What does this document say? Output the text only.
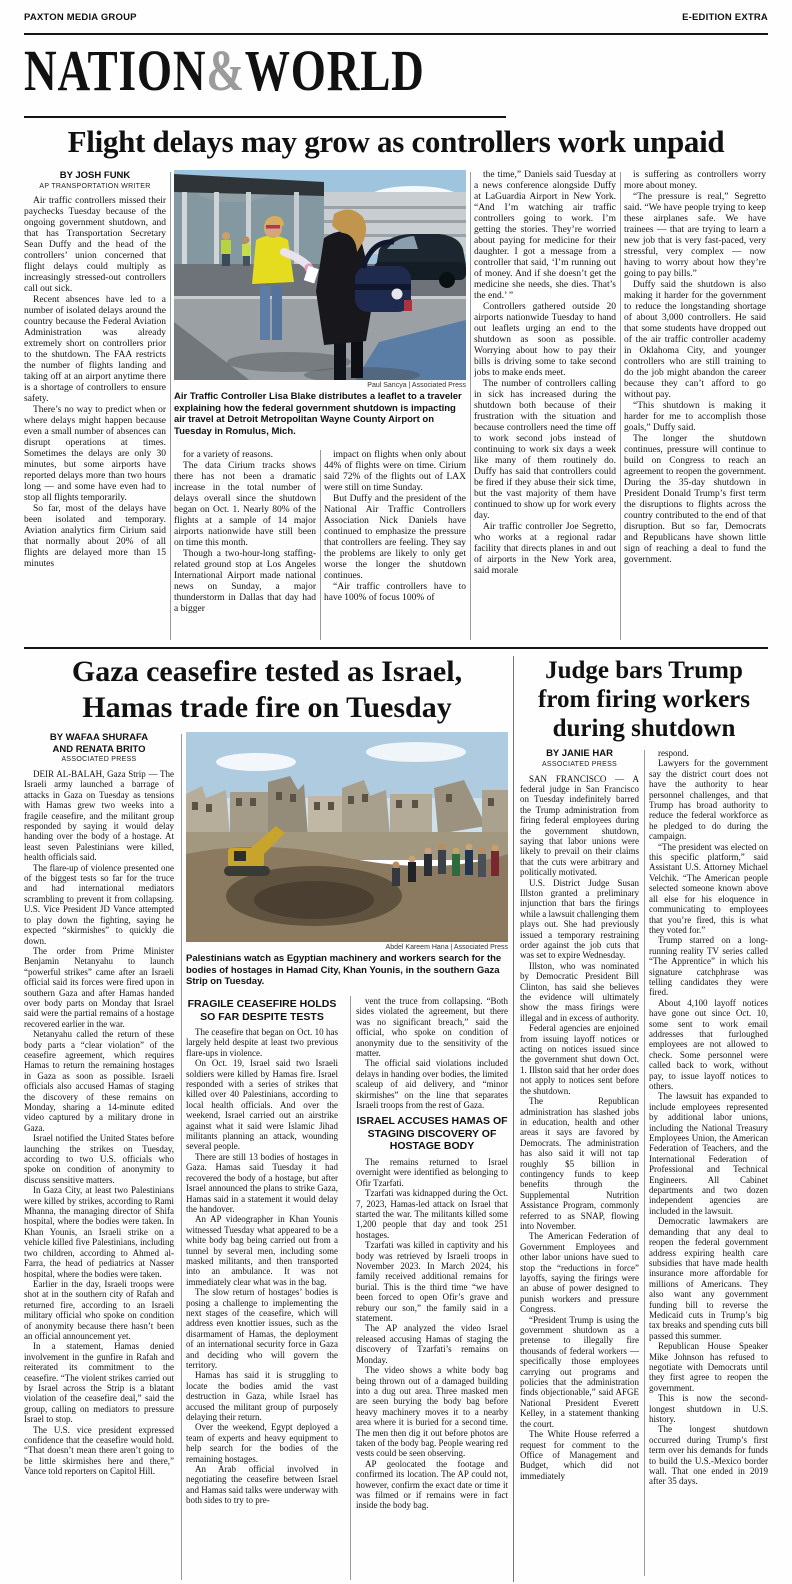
PAXTON MEDIA GROUP	E-EDITION EXTRA
NATION&WORLD
Flight delays may grow as controllers work unpaid
BY JOSH FUNK
AP TRANSPORTATION WRITER

Air traffic controllers missed their paychecks Tuesday because of the ongoing government shutdown, and that has Transportation Secretary Sean Duffy and the head of the controllers’ union concerned that flight delays could multiply as increasingly stressed-out controllers call out sick.

Recent absences have led to a number of isolated delays around the country because the Federal Aviation Administration was already extremely short on controllers prior to the shutdown. The FAA restricts the number of flights landing and taking off at an airport anytime there is a shortage of controllers to ensure safety.

There’s no way to predict when or where delays might happen because even a small number of absences can disrupt operations at times. Sometimes the delays are only 30 minutes, but some airports have reported delays more than two hours long — and some have even had to stop all flights temporarily.

So far, most of the delays have been isolated and temporary. Aviation analytics firm Cirium said that normally about 20% of all flights are delayed more than 15 minutes

Paul Sancya | Associated Press
Air Traffic Controller Lisa Blake distributes a leaflet to a traveler explaining how the federal government shutdown is impacting air travel at Detroit Metropolitan Wayne County Airport on Tuesday in Romulus, Mich.

for a variety of reasons.

The data Cirium tracks shows there has not been a dramatic increase in the total number of delays overall since the shutdown began on Oct. 1. Nearly 80% of the flights at a sample of 14 major airports nationwide have still been on time this month.

Though a two-hour-long staffing-related ground stop at Los Angeles International Airport made national news on Sunday, a major thunderstorm in Dallas that day had a bigger

impact on flights when only about 44% of flights were on time. Cirium said 72% of the flights out of LAX were still on time Sunday.

But Duffy and the president of the National Air Traffic Controllers Association Nick Daniels have continued to emphasize the pressure that controllers are feeling. They say the problems are likely to only get worse the longer the shutdown continues.

“Air traffic controllers have to have 100% of focus 100% of

the time,” Daniels said Tuesday at a news conference alongside Duffy at LaGuardia Airport in New York. “And I’m watching air traffic controllers going to work. I’m getting the stories. They’re worried about paying for medicine for their daughter. I got a message from a controller that said, ‘I’m running out of money. And if she doesn’t get the medicine she needs, she dies. That’s the end.’ ”

Controllers gathered outside 20 airports nationwide Tuesday to hand out leaflets urging an end to the shutdown as soon as possible. Worrying about how to pay their bills is driving some to take second jobs to make ends meet.

The number of controllers calling in sick has increased during the shutdown both because of their frustration with the situation and because controllers need the time off to work second jobs instead of continuing to work six days a week like many of them routinely do. Duffy has said that controllers could be fired if they abuse their sick time, but the vast majority of them have continued to show up for work every day.

Air traffic controller Joe Segretto, who works at a regional radar facility that directs planes in and out of airports in the New York area, said morale

is suffering as controllers worry more about money.

“The pressure is real,” Segretto said. “We have people trying to keep these airplanes safe. We have trainees — that are trying to learn a new job that is very fast-paced, very stressful, very complex — now having to worry about how they’re going to pay bills.”

Duffy said the shutdown is also making it harder for the government to reduce the longstanding shortage of about 3,000 controllers. He said that some students have dropped out of the air traffic controller academy in Oklahoma City, and younger controllers who are still training to do the job might abandon the career because they can’t afford to go without pay.

“This shutdown is making it harder for me to accomplish those goals,” Duffy said.

The longer the shutdown continues, pressure will continue to build on Congress to reach an agreement to reopen the government. During the 35-day shutdown in President Donald Trump’s first term the disruptions to flights across the country contributed to the end of that disruption. But so far, Democrats and Republicans have shown little sign of reaching a deal to fund the government.

Gaza ceasefire tested as Israel,
Hamas trade fire on Tuesday
BY WAFAA SHURAFA
AND RENATA BRITO
ASSOCIATED PRESS

DEIR AL-BALAH, Gaza Strip — The Israeli army launched a barrage of attacks in Gaza on Tuesday as tensions with Hamas grew two weeks into a fragile ceasefire, and the militant group responded by saying it would delay handing over the body of a hostage. At least seven Palestinians were killed, health officials said.

The flare-up of violence presented one of the biggest tests so far for the truce and had international mediators scrambling to prevent it from collapsing. U.S. Vice President JD Vance attempted to play down the fighting, saying he expected “skirmishes” to quickly die down.

The order from Prime Minister Benjamin Netanyahu to launch “powerful strikes” came after an Israeli official said its forces were fired upon in southern Gaza and after Hamas handed over body parts on Monday that Israel said were the partial remains of a hostage recovered earlier in the war.

Netanyahu called the return of these body parts a “clear violation” of the ceasefire agreement, which requires Hamas to return the remaining hostages in Gaza as soon as possible. Israeli officials also accused Hamas of staging the discovery of these remains on Monday, sharing a 14-minute edited video captured by a military drone in Gaza.

Israel notified the United States before launching the strikes on Tuesday, according to two U.S. officials who spoke on condition of anonymity to discuss sensitive matters.

In Gaza City, at least two Palestinians were killed by strikes, according to Rami Mhanna, the managing director of Shifa hospital, where the bodies were taken. In Khan Younis, an Israeli strike on a vehicle killed five Palestinians, including two children, according to Ahmed al-Farra, the head of pediatrics at Nasser hospital, where the bodies were taken.

Earlier in the day, Israeli troops were shot at in the southern city of Rafah and returned fire, according to an Israeli military official who spoke on condition of anonymity because there hasn’t been an official announcement yet.

In a statement, Hamas denied involvement in the gunfire in Rafah and reiterated its commitment to the ceasefire. “The violent strikes carried out by Israel across the Strip is a blatant violation of the ceasefire deal,” said the group, calling on mediators to pressure Israel to stop.

The U.S. vice president expressed confidence that the ceasefire would hold. “That doesn’t mean there aren’t going to be little skirmishes here and there,” Vance told reporters on Capitol Hill.

Abdel Kareem Hana | Associated Press
Palestinians watch as Egyptian machinery and workers search for the bodies of hostages in Hamad City, Khan Younis, in the southern Gaza Strip on Tuesday.
FRAGILE CEASEFIRE HOLDS SO FAR DESPITE TESTS

The ceasefire that began on Oct. 10 has largely held despite at least two previous flare-ups in violence.

On Oct. 19, Israel said two Israeli soldiers were killed by Hamas fire. Israel responded with a series of strikes that killed over 40 Palestinians, according to local health officials. And over the weekend, Israel carried out an airstrike against what it said were Islamic Jihad militants planning an attack, wounding several people.

There are still 13 bodies of hostages in Gaza. Hamas said Tuesday it had recovered the body of a hostage, but after Israel announced the plans to strike Gaza, Hamas said in a statement it would delay the handover.

An AP videographer in Khan Younis witnessed Tuesday what appeared to be a white body bag being carried out from a tunnel by several men, including some masked militants, and then transported into an ambulance. It was not immediately clear what was in the bag.

The slow return of hostages’ bodies is posing a challenge to implementing the next stages of the ceasefire, which will address even knottier issues, such as the disarmament of Hamas, the deployment of an international security force in Gaza and deciding who will govern the territory.

Hamas has said it is struggling to locate the bodies amid the vast destruction in Gaza, while Israel has accused the militant group of purposely delaying their return.

Over the weekend, Egypt deployed a team of experts and heavy equipment to help search for the bodies of the remaining hostages.

An Arab official involved in negotiating the ceasefire between Israel and Hamas said talks were underway with both sides to try to pre-

vent the truce from collapsing. “Both sides violated the agreement, but there was no significant breach,” said the official, who spoke on condition of anonymity due to the sensitivity of the matter.

The official said violations included delays in handing over bodies, the limited scaleup of aid delivery, and “minor skirmishes” on the line that separates Israeli troops from the rest of Gaza.

ISRAEL ACCUSES HAMAS OF STAGING DISCOVERY OF HOSTAGE BODY

The remains returned to Israel overnight were identified as belonging to Ofir Tzarfati.

Tzarfati was kidnapped during the Oct. 7, 2023, Hamas-led attack on Israel that started the war. The militants killed some 1,200 people that day and took 251 hostages.

Tzarfati was killed in captivity and his body was retrieved by Israeli troops in November 2023. In March 2024, his family received additional remains for burial. This is the third time “we have been forced to open Ofir’s grave and rebury our son,” the family said in a statement.

The AP analyzed the video Israel released accusing Hamas of staging the discovery of Tzarfati’s remains on Monday.

The video shows a white body bag being thrown out of a damaged building into a dug out area. Three masked men are seen burying the body bag before heavy machinery moves it to a nearby area where it is buried for a second time. The men then dig it out before photos are taken of the body bag. People wearing red vests could be seen observing.

AP geolocated the footage and confirmed its location. The AP could not, however, confirm the exact date or time it was filmed or if remains were in fact inside the body bag.

Judge bars Trump from firing workers during shutdown
BY JANIE HAR
ASSOCIATED PRESS

SAN FRANCISCO — A federal judge in San Francisco on Tuesday indefinitely barred the Trump administration from firing federal employees during the government shutdown, saying that labor unions were likely to prevail on their claims that the cuts were arbitrary and politically motivated.

U.S. District Judge Susan Illston granted a preliminary injunction that bars the firings while a lawsuit challenging them plays out. She had previously issued a temporary restraining order against the job cuts that was set to expire Wednesday.

Illston, who was nominated by Democratic President Bill Clinton, has said she believes the evidence will ultimately show the mass firings were illegal and in excess of authority.

Federal agencies are enjoined from issuing layoff notices or acting on notices issued since the government shut down Oct. 1. Illston said that her order does not apply to notices sent before the shutdown.

The Republican administration has slashed jobs in education, health and other areas it says are favored by Democrats. The administration has also said it will not tap roughly $5 billion in contingency funds to keep benefits through the Supplemental Nutrition Assistance Program, commonly referred to as SNAP, flowing into November.

The American Federation of Government Employees and other labor unions have sued to stop the “reductions in force” layoffs, saying the firings were an abuse of power designed to punish workers and pressure Congress.

“President Trump is using the government shutdown as a pretense to illegally fire thousands of federal workers — specifically those employees carrying out programs and policies that the administration finds objectionable,” said AFGE National President Everett Kelley, in a statement thanking the court.

The White House referred a request for comment to the Office of Management and Budget, which did not immediately

respond.

Lawyers for the government say the district court does not have the authority to hear personnel challenges, and that Trump has broad authority to reduce the federal workforce as he pledged to do during the campaign.

“The president was elected on this specific platform,” said Assistant U.S. Attorney Michael Velchik. “The American people selected someone known above all else for his eloquence in communicating to employees that you’re fired, this is what they voted for.”

Trump starred on a long-running reality TV series called “The Apprentice” in which his signature catchphrase was telling candidates they were fired.

About 4,100 layoff notices have gone out since Oct. 10, some sent to work email addresses that furloughed employees are not allowed to check. Some personnel were called back to work, without pay, to issue layoff notices to others.

The lawsuit has expanded to include employees represented by additional labor unions, including the National Treasury Employees Union, the American Federation of Teachers, and the International Federation of Professional and Technical Engineers. All Cabinet departments and two dozen independent agencies are included in the lawsuit.

Democratic lawmakers are demanding that any deal to reopen the federal government address expiring health care subsidies that have made health insurance more affordable for millions of Americans. They also want any government funding bill to reverse the Medicaid cuts in Trump’s big tax breaks and spending cuts bill passed this summer.

Republican House Speaker Mike Johnson has refused to negotiate with Democrats until they first agree to reopen the government.

This is now the second-longest shutdown in U.S. history.

The longest shutdown occurred during Trump’s first term over his demands for funds to build the U.S.-Mexico border wall. That one ended in 2019 after 35 days.
